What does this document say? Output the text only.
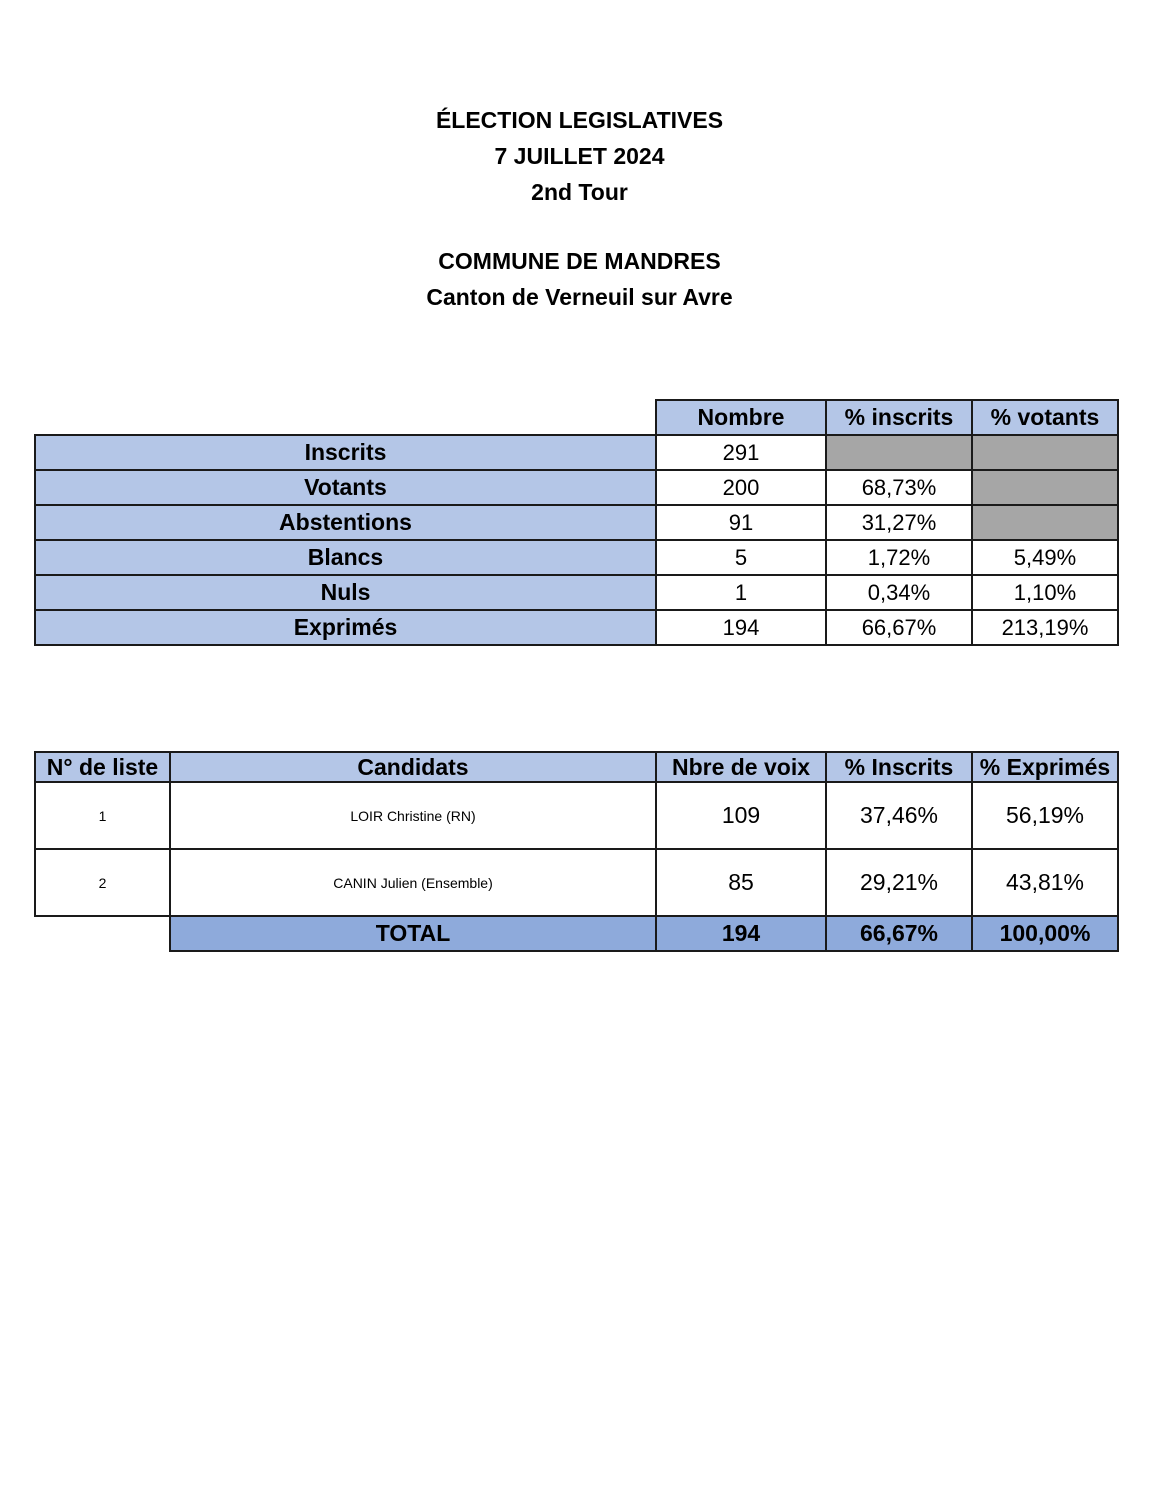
ÉLECTION LEGISLATIVES
7 JUILLET 2024
2nd Tour
COMMUNE DE MANDRES
Canton de Verneuil sur Avre
	Nombre	% inscrits	% votants
Inscrits	291		
Votants	200	68,73%	
Abstentions	91	31,27%	
Blancs	5	1,72%	5,49%
Nuls	1	0,34%	1,10%
Exprimés	194	66,67%	213,19%
N° de liste	Candidats	Nbre de voix	% Inscrits	% Exprimés
1	LOIR Christine (RN)	109	37,46%	56,19%
2	CANIN Julien (Ensemble)	85	29,21%	43,81%
	TOTAL	194	66,67%	100,00%
